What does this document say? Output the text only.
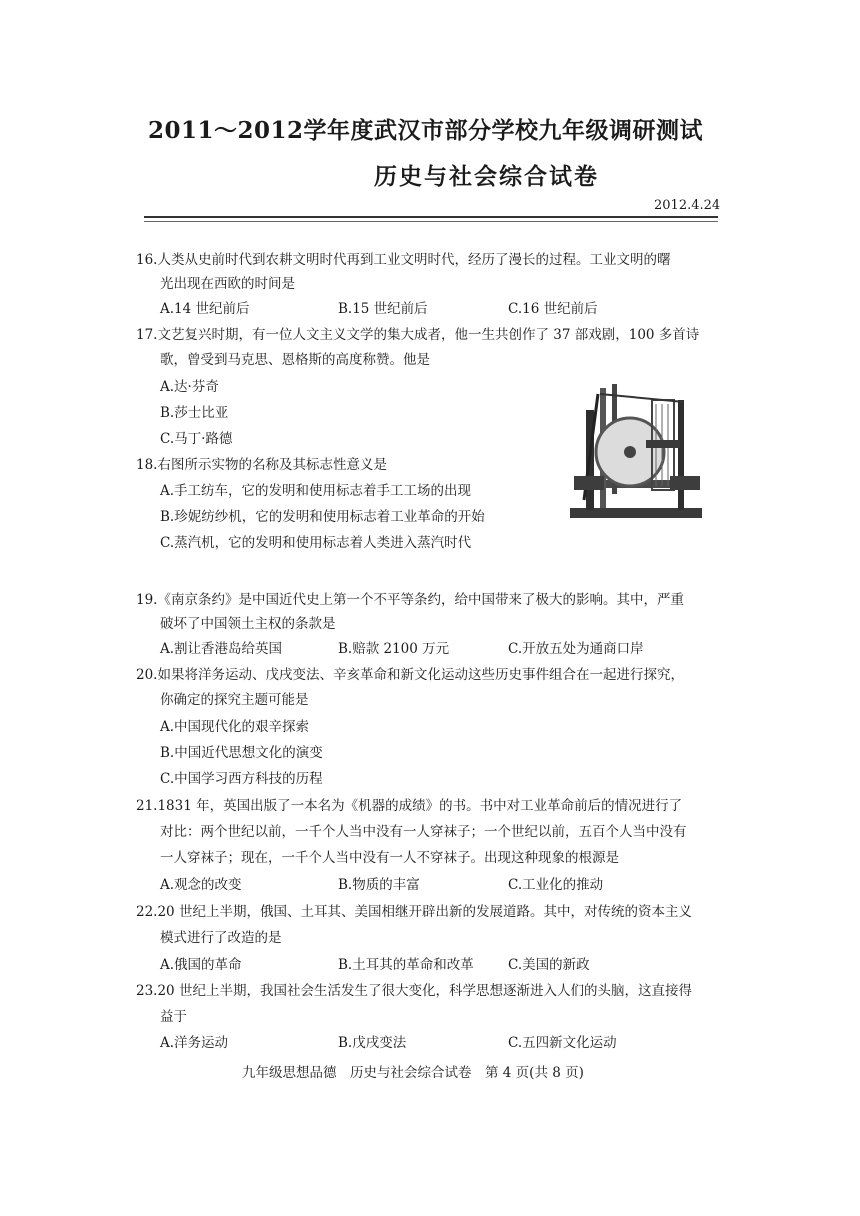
2011～2012学年度武汉市部分学校九年级调研测试
历史与社会综合试卷
2012.4.24
16.人类从史前时代到农耕文明时代再到工业文明时代，经历了漫长的过程。工业文明的曙
光出现在西欧的时间是
A.14 世纪前后	B.15 世纪前后	C.16 世纪前后
17.文艺复兴时期，有一位人文主义文学的集大成者，他一生共创作了 37 部戏剧，100 多首诗
歌，曾受到马克思、恩格斯的高度称赞。他是
A.达·芬奇
B.莎士比亚
C.马丁·路德
18.右图所示实物的名称及其标志性意义是
A.手工纺车，它的发明和使用标志着手工工场的出现
B.珍妮纺纱机，它的发明和使用标志着工业革命的开始
C.蒸汽机，它的发明和使用标志着人类进入蒸汽时代
19.《南京条约》是中国近代史上第一个不平等条约，给中国带来了极大的影响。其中，严重
破坏了中国领土主权的条款是
A.割让香港岛给英国	B.赔款 2100 万元	C.开放五处为通商口岸
20.如果将洋务运动、戊戌变法、辛亥革命和新文化运动这些历史事件组合在一起进行探究，
你确定的探究主题可能是
A.中国现代化的艰辛探索
B.中国近代思想文化的演变
C.中国学习西方科技的历程
21.1831 年，英国出版了一本名为《机器的成绩》的书。书中对工业革命前后的情况进行了
对比：两个世纪以前，一千个人当中没有一人穿袜子；一个世纪以前，五百个人当中没有
一人穿袜子；现在，一千个人当中没有一人不穿袜子。出现这种现象的根源是
A.观念的改变	B.物质的丰富	C.工业化的推动
22.20 世纪上半期，俄国、土耳其、美国相继开辟出新的发展道路。其中，对传统的资本主义
模式进行了改造的是
A.俄国的革命	B.土耳其的革命和改革	C.美国的新政
23.20 世纪上半期，我国社会生活发生了很大变化，科学思想逐渐进入人们的头脑，这直接得
益于
A.洋务运动	B.戊戌变法	C.五四新文化运动
九年级思想品德　历史与社会综合试卷　第 4 页(共 8 页)
